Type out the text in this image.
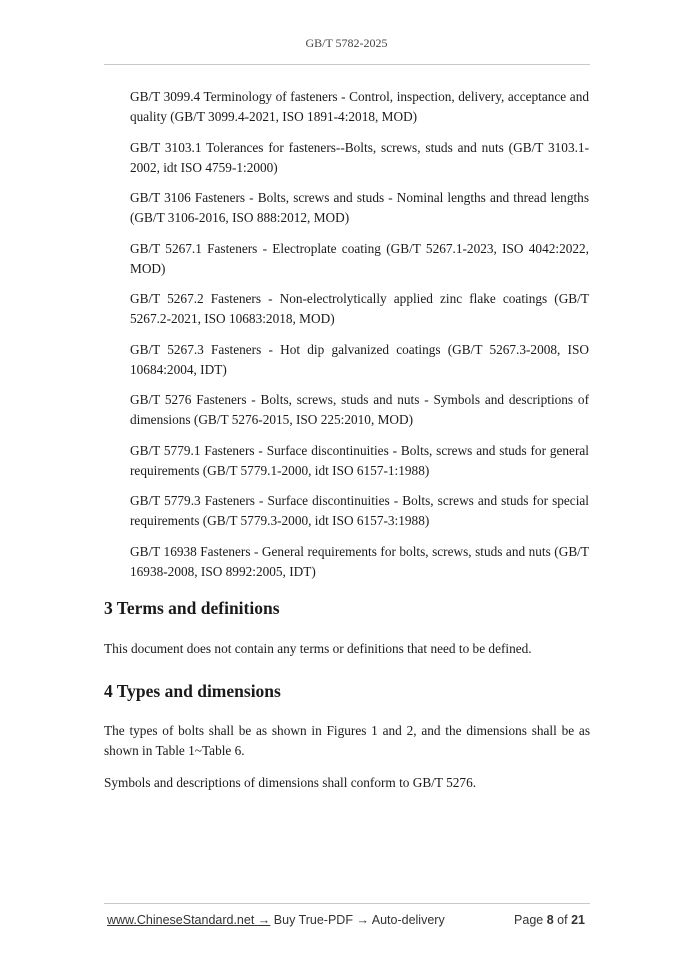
GB/T 5782-2025

GB/T 3099.4 Terminology of fasteners - Control, inspection, delivery, acceptance and quality (GB/T 3099.4-2021, ISO 1891-4:2018, MOD)

GB/T 3103.1 Tolerances for fasteners--Bolts, screws, studs and nuts (GB/T 3103.1-2002, idt ISO 4759-1:2000)

GB/T 3106 Fasteners - Bolts, screws and studs - Nominal lengths and thread lengths (GB/T 3106-2016, ISO 888:2012, MOD)

GB/T 5267.1 Fasteners - Electroplate coating (GB/T 5267.1-2023, ISO 4042:2022, MOD)

GB/T 5267.2 Fasteners - Non-electrolytically applied zinc flake coatings (GB/T 5267.2-2021, ISO 10683:2018, MOD)

GB/T 5267.3 Fasteners - Hot dip galvanized coatings (GB/T 5267.3-2008, ISO 10684:2004, IDT)

GB/T 5276 Fasteners - Bolts, screws, studs and nuts - Symbols and descriptions of dimensions (GB/T 5276-2015, ISO 225:2010, MOD)

GB/T 5779.1 Fasteners - Surface discontinuities - Bolts, screws and studs for general requirements (GB/T 5779.1-2000, idt ISO 6157-1:1988)

GB/T 5779.3 Fasteners - Surface discontinuities - Bolts, screws and studs for special requirements (GB/T 5779.3-2000, idt ISO 6157-3:1988)

GB/T 16938 Fasteners - General requirements for bolts, screws, studs and nuts (GB/T 16938-2008, ISO 8992:2005, IDT)

3 Terms and definitions

This document does not contain any terms or definitions that need to be defined.

4 Types and dimensions

The types of bolts shall be as shown in Figures 1 and 2, and the dimensions shall be as shown in Table 1~Table 6.

Symbols and descriptions of dimensions shall conform to GB/T 5276.

www.ChineseStandard.net → Buy True-PDF → Auto-delivery	Page 8 of 21
